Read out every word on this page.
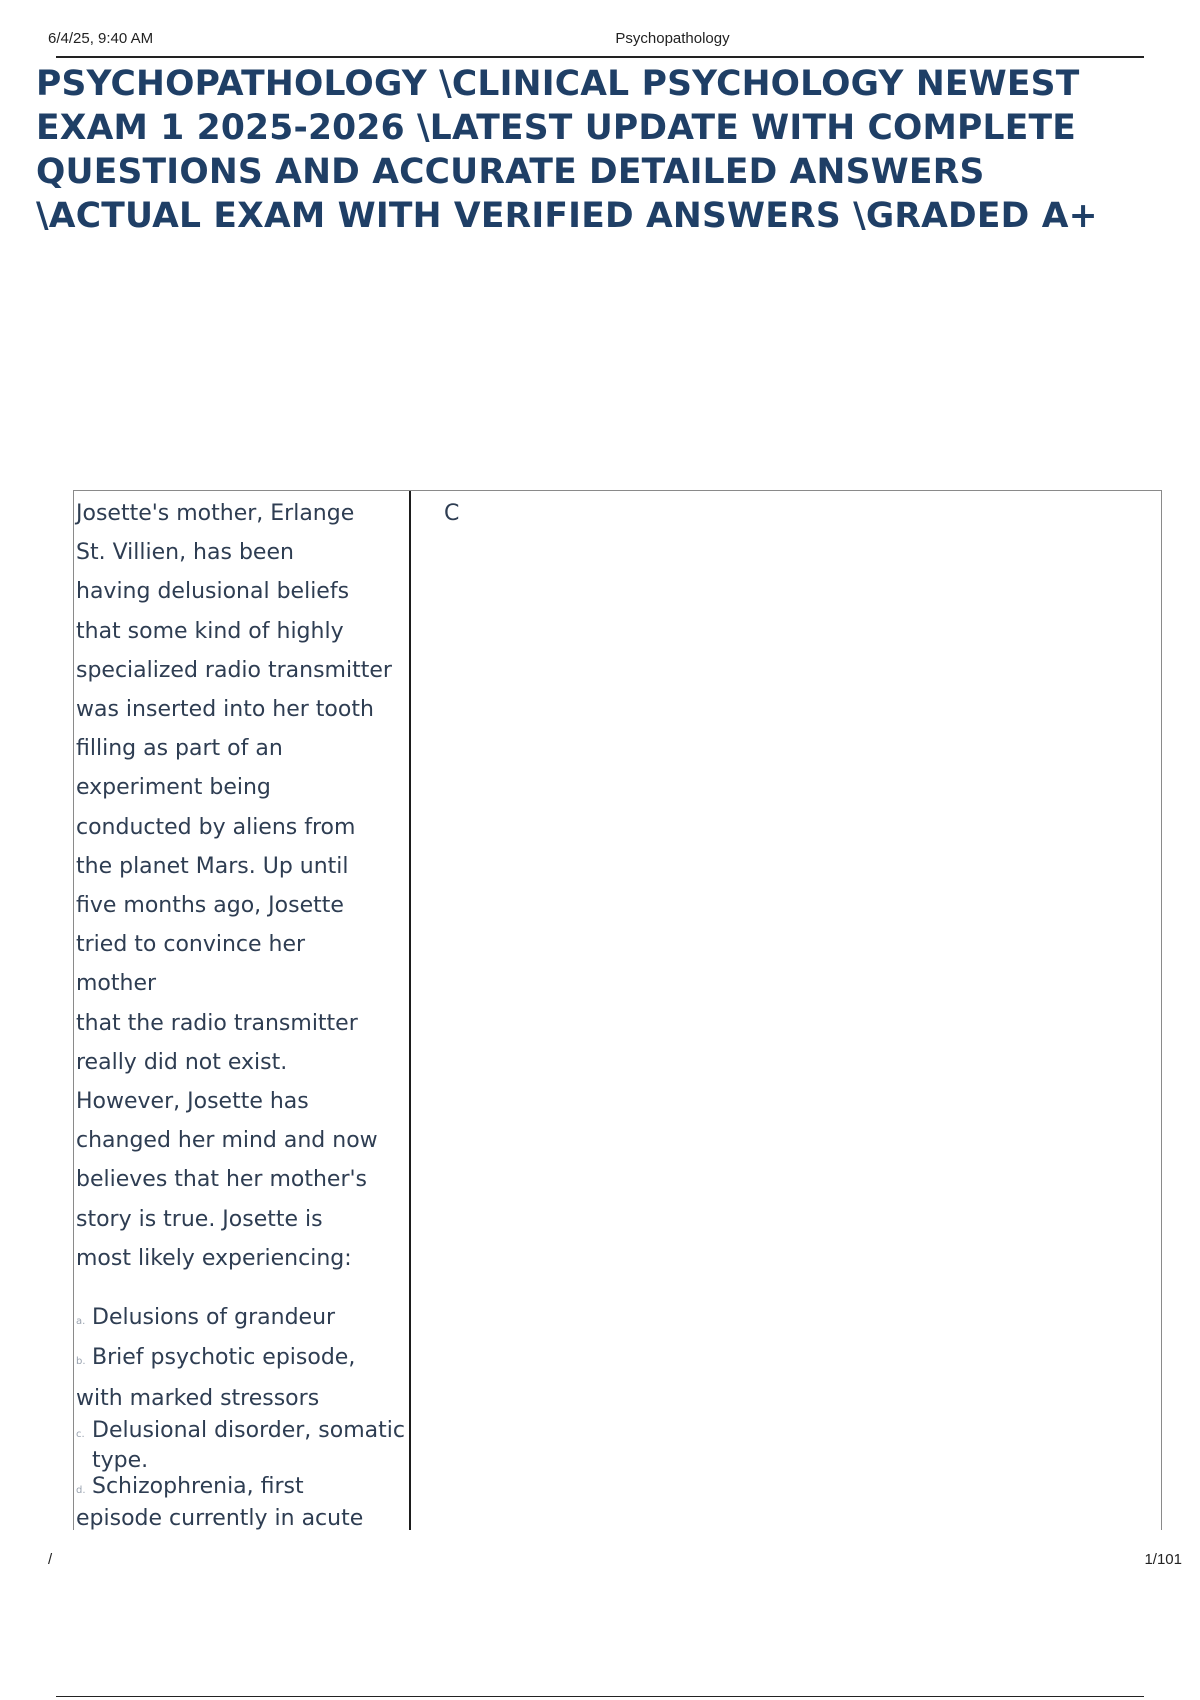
6/4/25, 9:40 AM	Psychopathology
PSYCHOPATHOLOGY \CLINICAL PSYCHOLOGY NEWEST
EXAM 1 2025-2026 \LATEST UPDATE WITH COMPLETE
QUESTIONS AND ACCURATE DETAILED ANSWERS
\ACTUAL EXAM WITH VERIFIED ANSWERS \GRADED A+
Josette's mother, Erlange
St. Villien, has been
having delusional beliefs
that some kind of highly
specialized radio transmitter
was inserted into her tooth
filling as part of an
experiment being
conducted by aliens from
the planet Mars. Up until
five months ago, Josette
tried to convince her
mother
that the radio transmitter
really did not exist.
However, Josette has
changed her mind and now
believes that her mother's
story is true. Josette is
most likely experiencing:
a. Delusions of grandeur
b. Brief psychotic episode,
with marked stressors
c. Delusional disorder, somatic
type.
d. Schizophrenia, first
episode currently in acute
C
/	1/101
